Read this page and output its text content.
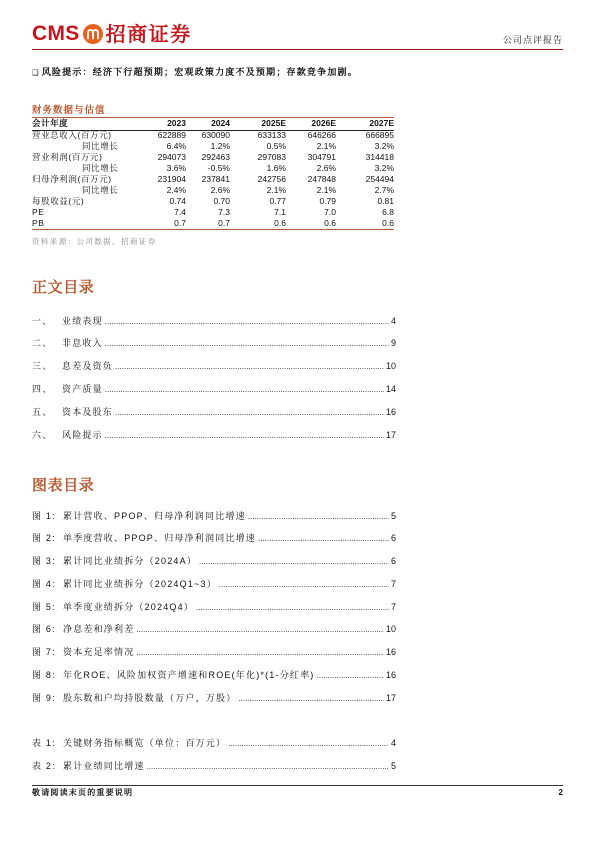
CMS 招商证券	公司点评报告
❑ 风险提示：经济下行超预期；宏观政策力度不及预期；存款竞争加剧。
财务数据与估值
会计年度	2023	2024	2025E	2026E	2027E
营业总收入(百万元)	622889	630090	633133	646266	666895
同比增长	6.4%	1.2%	0.5%	2.1%	3.2%
营业利润(百万元)	294073	292463	297083	304791	314418
同比增长	3.6%	-0.5%	1.6%	2.6%	3.2%
归母净利润(百万元)	231904	237841	242756	247848	254494
同比增长	2.4%	2.6%	2.1%	2.1%	2.7%
每股收益(元)	0.74	0.70	0.77	0.79	0.81
PE	7.4	7.3	7.1	7.0	6.8
PB	0.7	0.7	0.6	0.6	0.6
资料来源：公司数据、招商证券
正文目录
一、	业绩表现 .....	4
二、	非息收入 .....	9
三、	息差及资负 .....	10
四、	资产质量 .....	14
五、	资本及股东 .....	16
六、	风险提示 .....	17
图表目录
图 1: 累计营收、PPOP、归母净利润同比增速 .....	5
图 2: 单季度营收、PPOP、归母净利润同比增速 .....	6
图 3: 累计同比业绩拆分（2024A） .....	6
图 4: 累计同比业绩拆分（2024Q1~3） .....	7
图 5: 单季度业绩拆分（2024Q4） .....	7
图 6: 净息差和净利差 .....	10
图 7: 资本充足率情况 .....	16
图 8: 年化ROE、风险加权资产增速和ROE(年化)*(1-分红率) .....	16
图 9: 股东数和户均持股数量（万户，万股） .....	17
表 1: 关键财务指标概览（单位：百万元） .....	4
表 2: 累计业绩同比增速 .....	5
敬请阅读末页的重要说明	2
